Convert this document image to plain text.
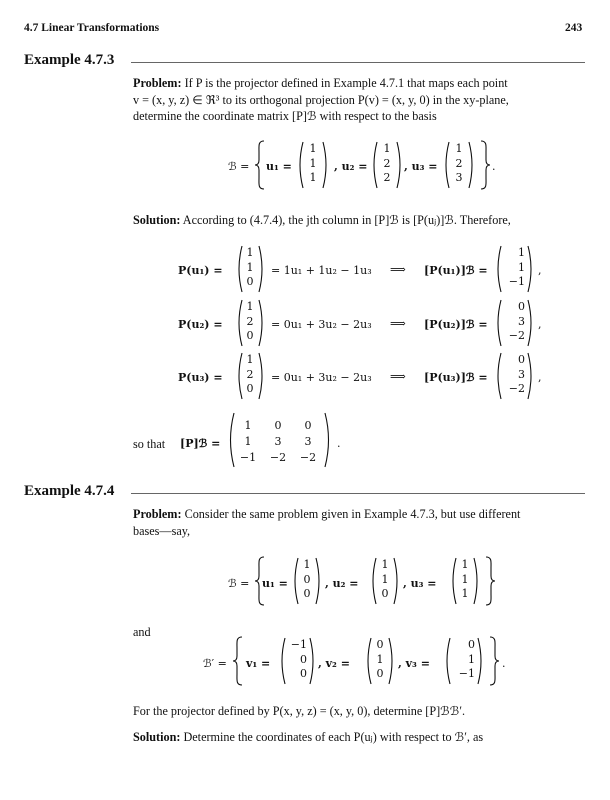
4.7 Linear Transformations	243
Example 4.7.3
Problem: If P is the projector defined in Example 4.7.1 that maps each point
v = (x, y, z) ∈ ℜ³ to its orthogonal projection P(v) = (x, y, 0) in the xy-plane,
determine the coordinate matrix [P]ℬ with respect to the basis
ℬ = u₁ =
1
1
1
, u₂ =
1
2
2
, u₃ =
1
2
3
.
Solution: According to (4.7.4), the jth column in [P]ℬ is [P(uⱼ)]ℬ. Therefore,
P(u₁) =
1
1
0
= 1u₁ + 1u₂ − 1u₃ ⟹ [P(u₁)]ℬ =
1
1
−1
,
P(u₂) =
1
2
0
= 0u₁ + 3u₂ − 2u₃ ⟹ [P(u₂)]ℬ =
0
3
−2
,
P(u₃) =
1
2
0
= 0u₁ + 3u₂ − 2u₃ ⟹ [P(u₃)]ℬ =
0
3
−2
,
so that [P]ℬ =
1	0	0
1	3	3
−1	−2	−2
.
Example 4.7.4
Problem: Consider the same problem given in Example 4.7.3, but use different
bases—say,
ℬ = u₁ =
1
0
0
, u₂ =
1
1
0
, u₃ =
1
1
1
and
ℬ′ = v₁ =
−1
0
0
, v₂ =
0
1
0
, v₃ =
0
1
−1
.
For the projector defined by P(x, y, z) = (x, y, 0), determine [P]ℬℬ′.
Solution: Determine the coordinates of each P(uⱼ) with respect to ℬ′, as
